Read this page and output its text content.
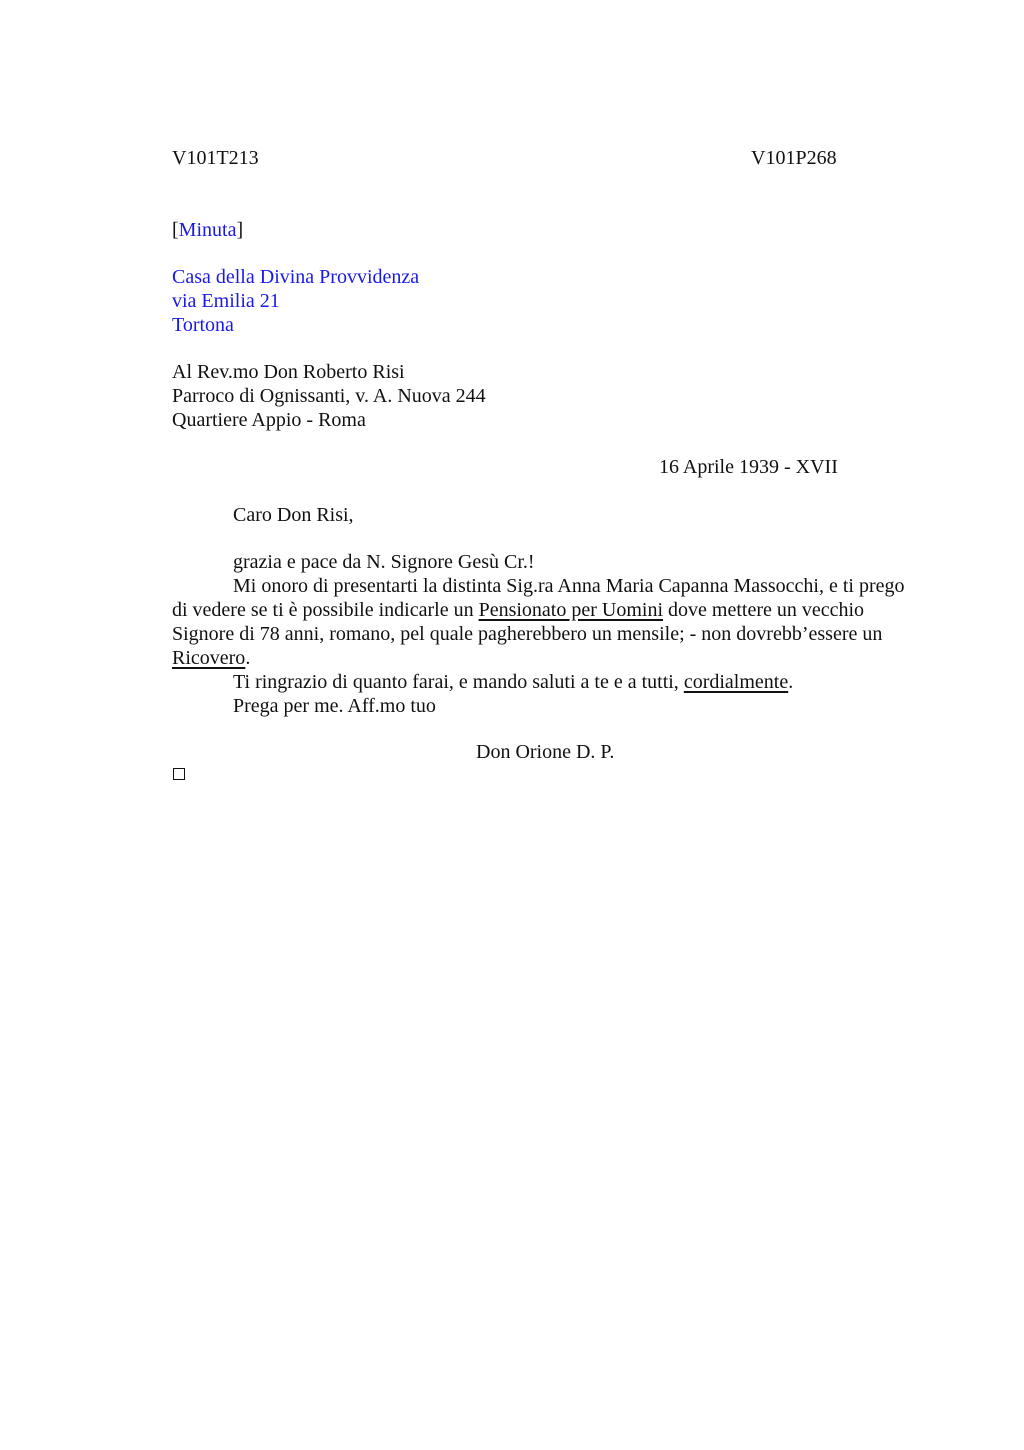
V101T213	V101P268
[Minuta]
Casa della Divina Provvidenza
via Emilia 21
Tortona
Al Rev.mo Don Roberto Risi
Parroco di Ognissanti, v. A. Nuova 244
Quartiere Appio - Roma
16 Aprile 1939 - XVII
Caro Don Risi,
grazia e pace da N. Signore Gesù Cr.!
Mi onoro di presentarti la distinta Sig.ra Anna Maria Capanna Massocchi, e ti prego
di vedere se ti è possibile indicarle un Pensionato per Uomini dove mettere un vecchio
Signore di 78 anni, romano, pel quale pagherebbero un mensile; - non dovrebb’essere un
Ricovero.
Ti ringrazio di quanto farai, e mando saluti a te e a tutti, cordialmente.
Prega per me. Aff.mo tuo
Don Orione D. P.
